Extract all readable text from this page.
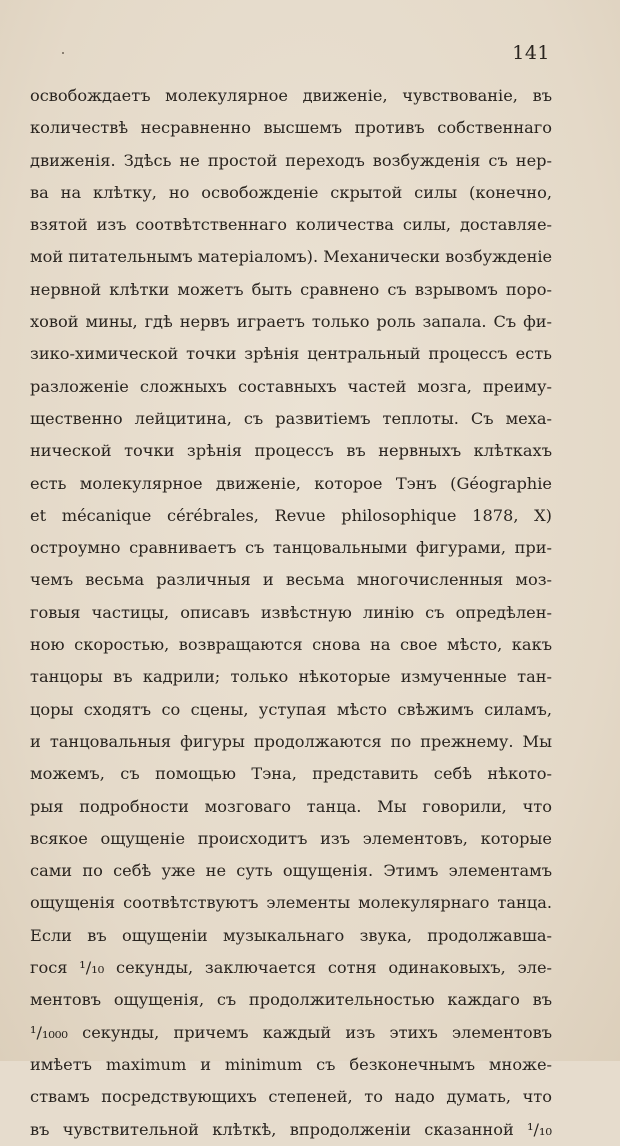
141
освобождаетъ молекулярное движеніе, чувствованіе, въ
количествѣ несравненно высшемъ противъ собственнаго
движенія. Здѣсь не простой переходъ возбужденія съ нер-
ва на клѣтку, но освобожденіе скрытой силы (конечно,
взятой изъ соотвѣтственнаго количества силы, доставляе-
мой питательнымъ матеріаломъ). Механически возбужденіе
нервной клѣтки можетъ быть сравнено съ взрывомъ поро-
ховой мины, гдѣ нервъ играетъ только роль запала. Съ фи-
зико-химической точки зрѣнія центральный процессъ есть
разложеніе сложныхъ составныхъ частей мозга, преиму-
щественно лейцитина, съ развитіемъ теплоты. Съ меха-
нической точки зрѣнія процессъ въ нервныхъ клѣткахъ
есть молекулярное движеніе, которое Тэнъ (Géographie
et mécanique cérébrales, Revue philosophique 1878, X)
остроумно сравниваетъ съ танцовальными фигурами, при-
чемъ весьма различныя и весьма многочисленныя моз-
говыя частицы, описавъ извѣстную линію съ опредѣлен-
ною скоростью, возвращаются снова на свое мѣсто, какъ
танцоры въ кадрили; только нѣкоторые измученные тан-
цоры сходятъ со сцены, уступая мѣсто свѣжимъ силамъ,
и танцовальныя фигуры продолжаются по прежнему. Мы
можемъ, съ помощью Тэна, представить себѣ нѣкото-
рыя подробности мозговаго танца. Мы говорили, что
всякое ощущеніе происходитъ изъ элементовъ, которые
сами по себѣ уже не суть ощущенія. Этимъ элементамъ
ощущенія соотвѣтствуютъ элементы молекулярнаго танца.
Если въ ощущеніи музыкальнаго звука, продолжавша-
гося ¹/₁₀ секунды, заключается сотня одинаковыхъ, эле-
ментовъ ощущенія, съ продолжительностью каждаго въ
¹/₁₀₀₀ секунды, причемъ каждый изъ этихъ элементовъ
имѣетъ maximum и minimum съ безконечнымъ множе-
ствамъ посредствующихъ степеней, то надо думать, что
въ чувствительной клѣткѣ, впродолженіи сказанной ¹/₁₀
